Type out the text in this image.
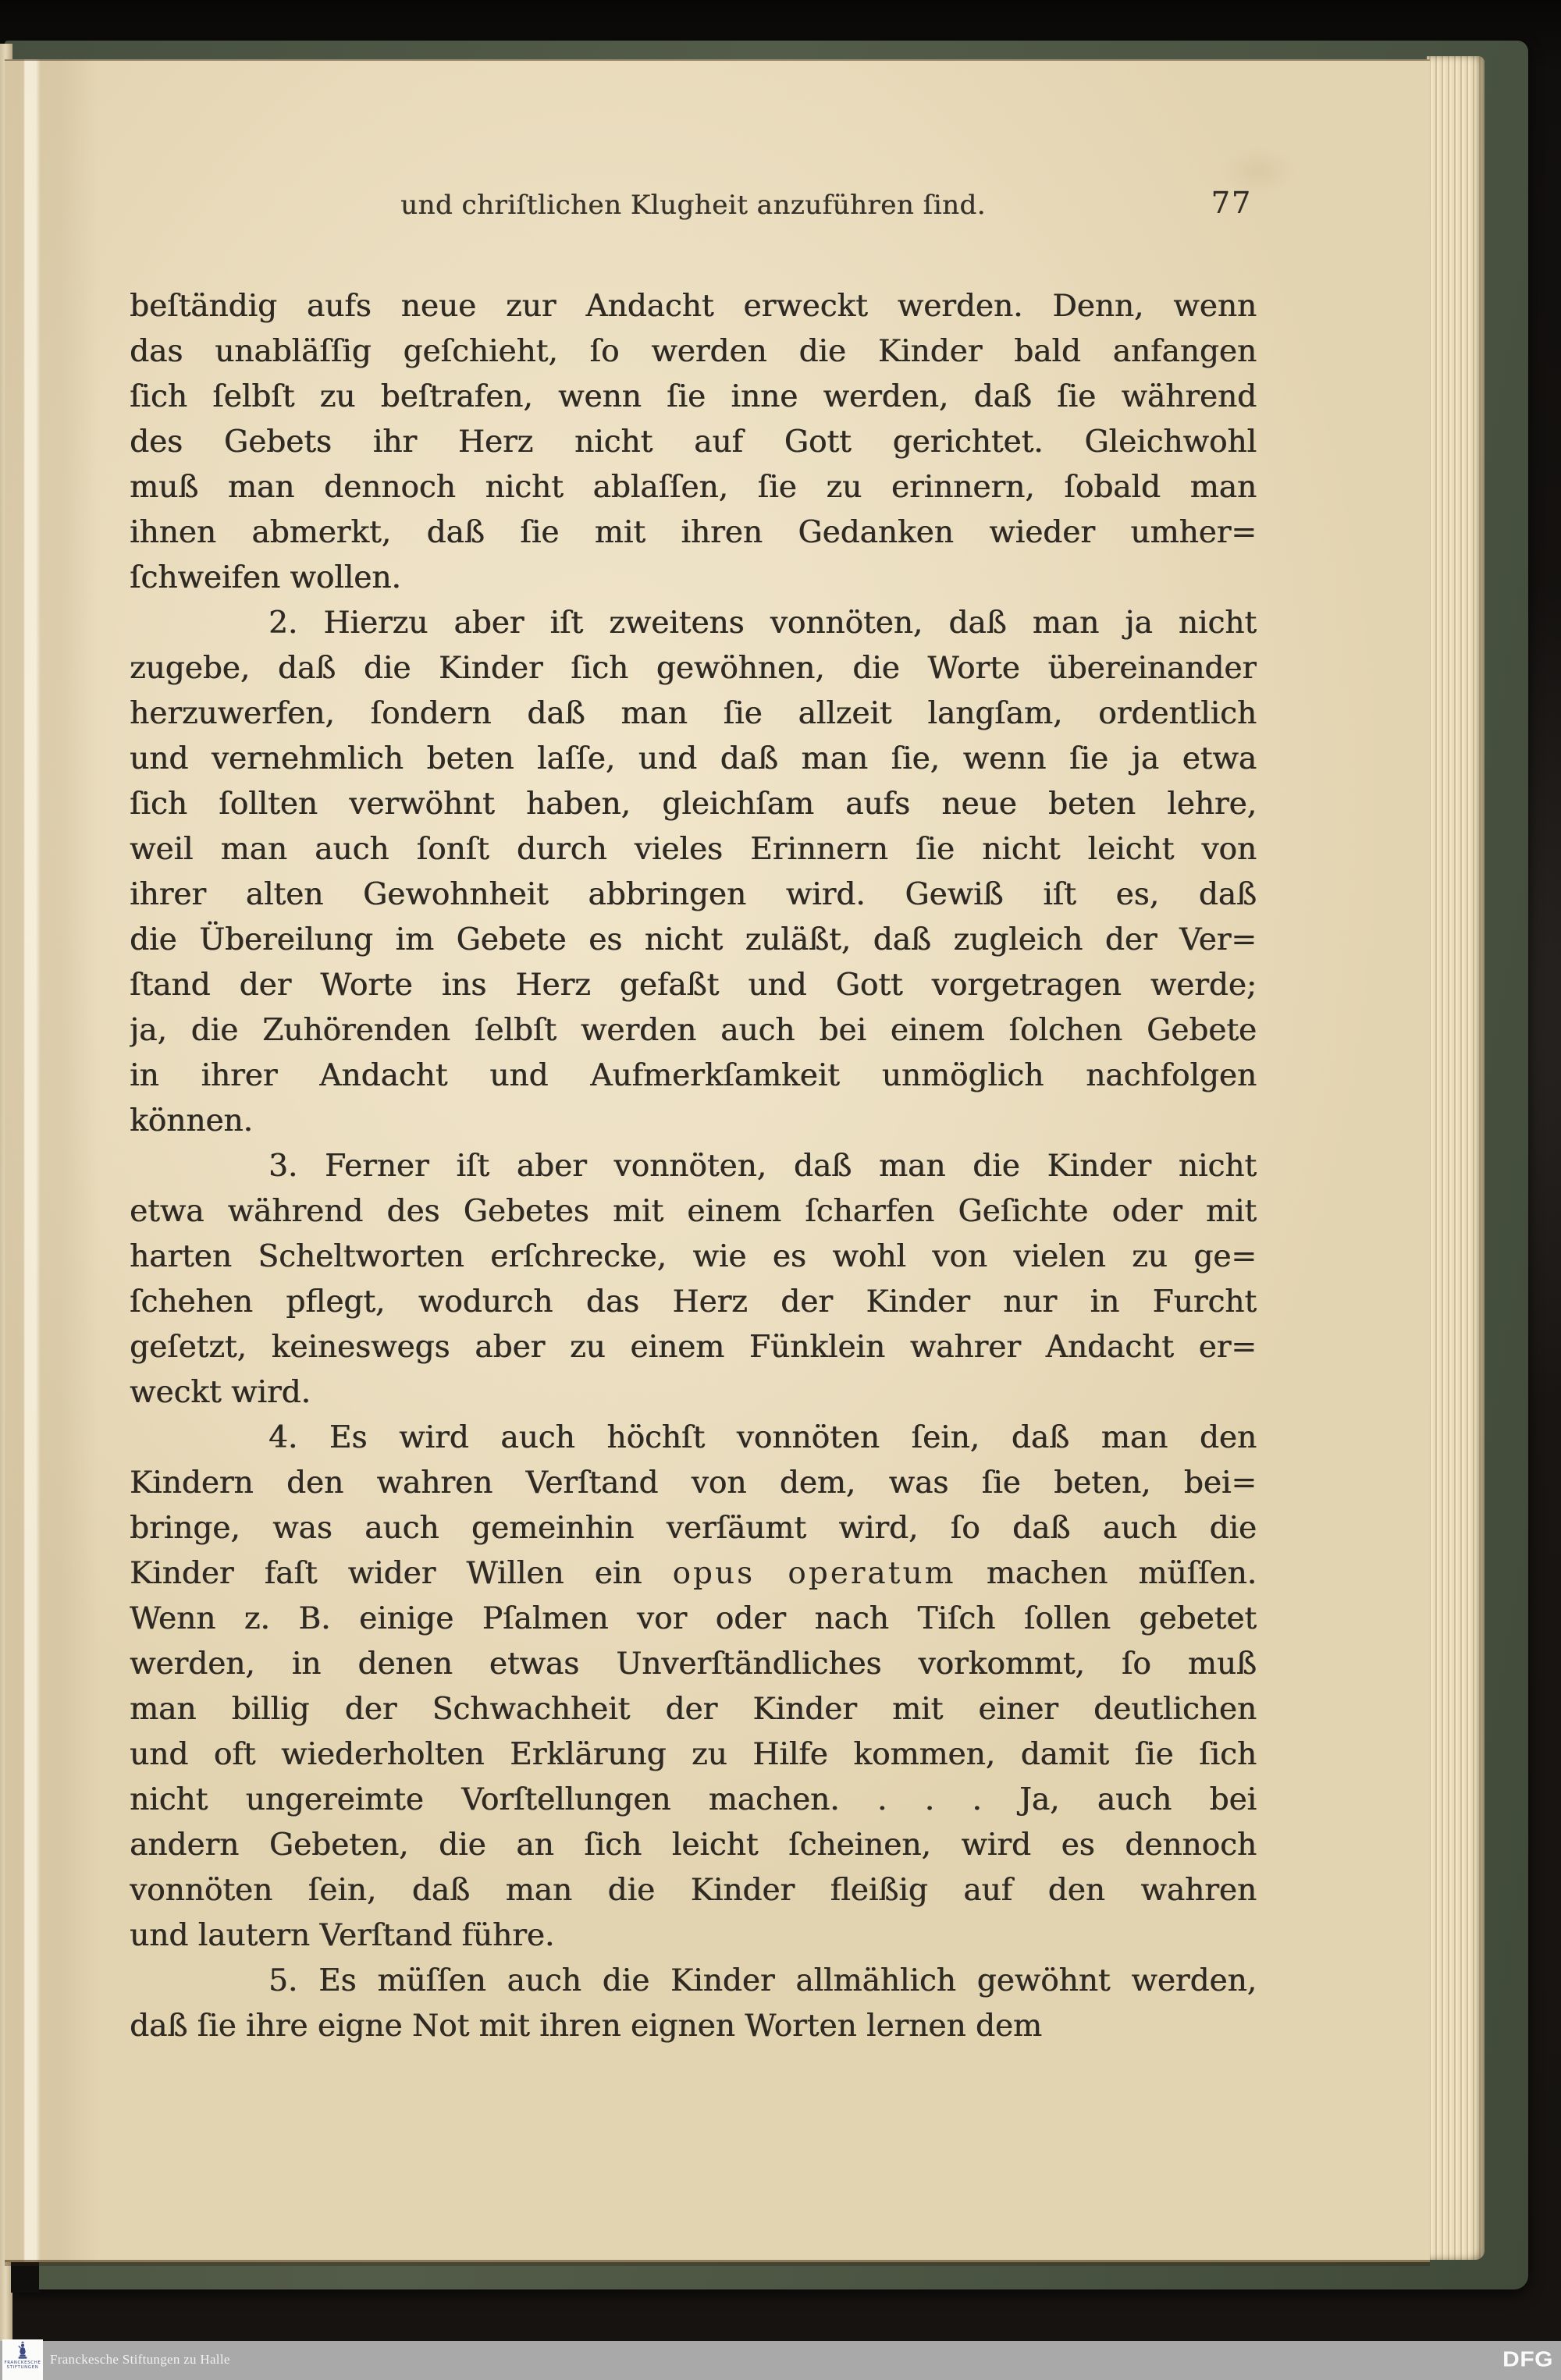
und chriſtlichen Klugheit anzuführen ſind.	77
beſtändig aufs neue zur Andacht erweckt werden. Denn, wenn
das unabläſſig geſchieht, ſo werden die Kinder bald anfangen
ſich ſelbſt zu beſtrafen, wenn ſie inne werden, daß ſie während
des Gebets ihr Herz nicht auf Gott gerichtet. Gleichwohl
muß man dennoch nicht ablaſſen, ſie zu erinnern, ſobald man
ihnen abmerkt, daß ſie mit ihren Gedanken wieder umher=
ſchweifen wollen.
2. Hierzu aber iſt zweitens vonnöten, daß man ja nicht
zugebe, daß die Kinder ſich gewöhnen, die Worte übereinander
herzuwerfen, ſondern daß man ſie allzeit langſam, ordentlich
und vernehmlich beten laſſe, und daß man ſie, wenn ſie ja etwa
ſich ſollten verwöhnt haben, gleichſam aufs neue beten lehre,
weil man auch ſonſt durch vieles Erinnern ſie nicht leicht von
ihrer alten Gewohnheit abbringen wird. Gewiß iſt es, daß
die Übereilung im Gebete es nicht zuläßt, daß zugleich der Ver=
ſtand der Worte ins Herz gefaßt und Gott vorgetragen werde;
ja, die Zuhörenden ſelbſt werden auch bei einem ſolchen Gebete
in ihrer Andacht und Aufmerkſamkeit unmöglich nachfolgen
können.
3. Ferner iſt aber vonnöten, daß man die Kinder nicht
etwa während des Gebetes mit einem ſcharfen Geſichte oder mit
harten Scheltworten erſchrecke, wie es wohl von vielen zu ge=
ſchehen pflegt, wodurch das Herz der Kinder nur in Furcht
geſetzt, keineswegs aber zu einem Fünklein wahrer Andacht er=
weckt wird.
4. Es wird auch höchſt vonnöten ſein, daß man den
Kindern den wahren Verſtand von dem, was ſie beten, bei=
bringe, was auch gemeinhin verſäumt wird, ſo daß auch die
Kinder faſt wider Willen ein opus operatum machen müſſen.
Wenn z. B. einige Pſalmen vor oder nach Tiſch ſollen gebetet
werden, in denen etwas Unverſtändliches vorkommt, ſo muß
man billig der Schwachheit der Kinder mit einer deutlichen
und oft wiederholten Erklärung zu Hilfe kommen, damit ſie ſich
nicht ungereimte Vorſtellungen machen. . . . Ja, auch bei
andern Gebeten, die an ſich leicht ſcheinen, wird es dennoch
vonnöten ſein, daß man die Kinder fleißig auf den wahren
und lautern Verſtand führe.
5. Es müſſen auch die Kinder allmählich gewöhnt werden,
daß ſie ihre eigne Not mit ihren eignen Worten lernen dem
FRANCKESCHE
STIFTUNGEN
Franckesche Stiftungen zu Halle	DFG
